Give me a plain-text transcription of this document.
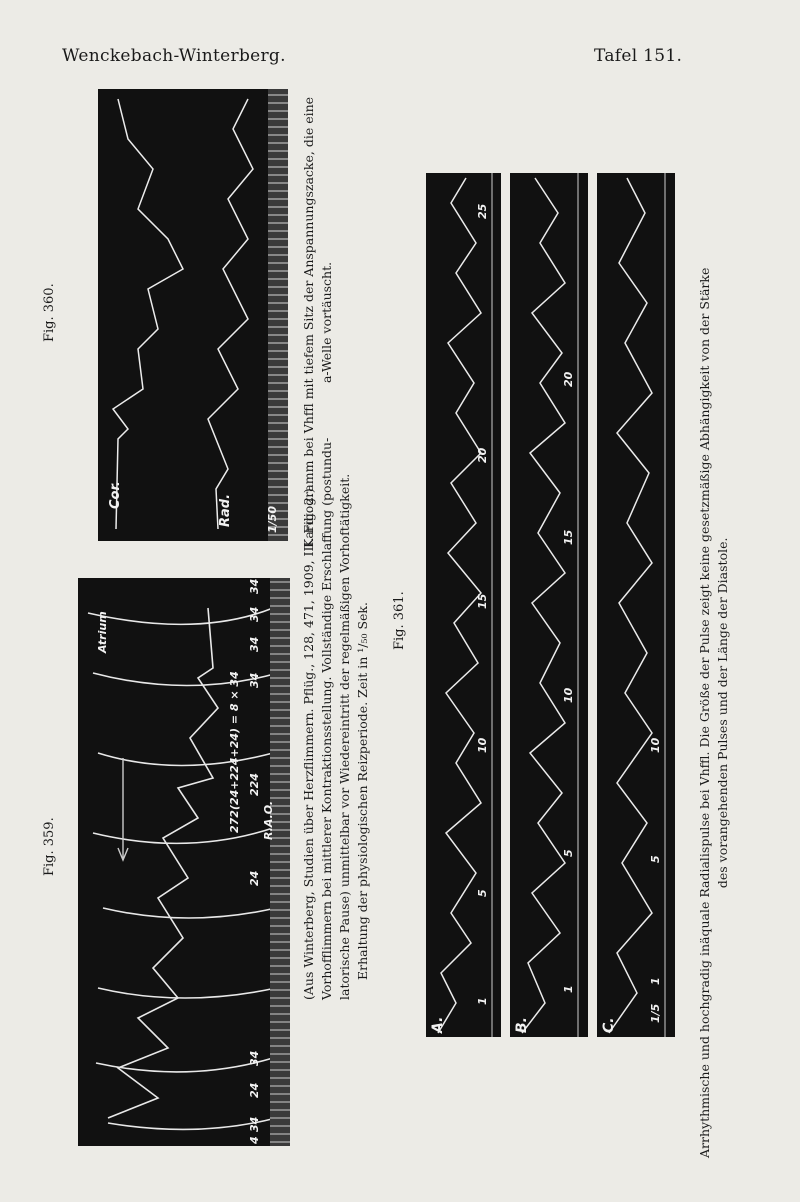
Wenckebach-Winterberg.	Tafel 151.
Atrium
272(24+224+24) = 8 × 34 R.A.O.
224
24
24
4
34
34
34
34
34
34
Fig. 359.	(Aus Winterberg, Studien über Herzflimmern. Pflüg., 128, 471, 1909, III. Fig. 2.) Vorhofflimmern bei mittlerer Kontraktionsstellung. Vollständige Erschlaffung (postundu- latorische Pause) unmittelbar vor Wiedereintritt der regelmäßigen Vorhoftätigkeit. Erhaltung der physiologischen Reizperiode. Zeit in ¹/₅₀ Sek.
Cor.	Rad.	1/50
Fig. 360.	Kardiogramm bei Vhffl mit tiefem Sitz der Anspannungszacke, die eine a-Welle vortäuscht.
Fig. 361.
A.
1
5
10
15
20
25
B.
1
5
10
15
20
C.
1/5
1
5
10	Arrhythmische und hochgradig inäquale Radialispulse bei Vhffl. Die Größe der Pulse zeigt keine gesetzmäßige Abhängigkeit von der Stärke des vorangehenden Pulses und der Länge der Diastole.
